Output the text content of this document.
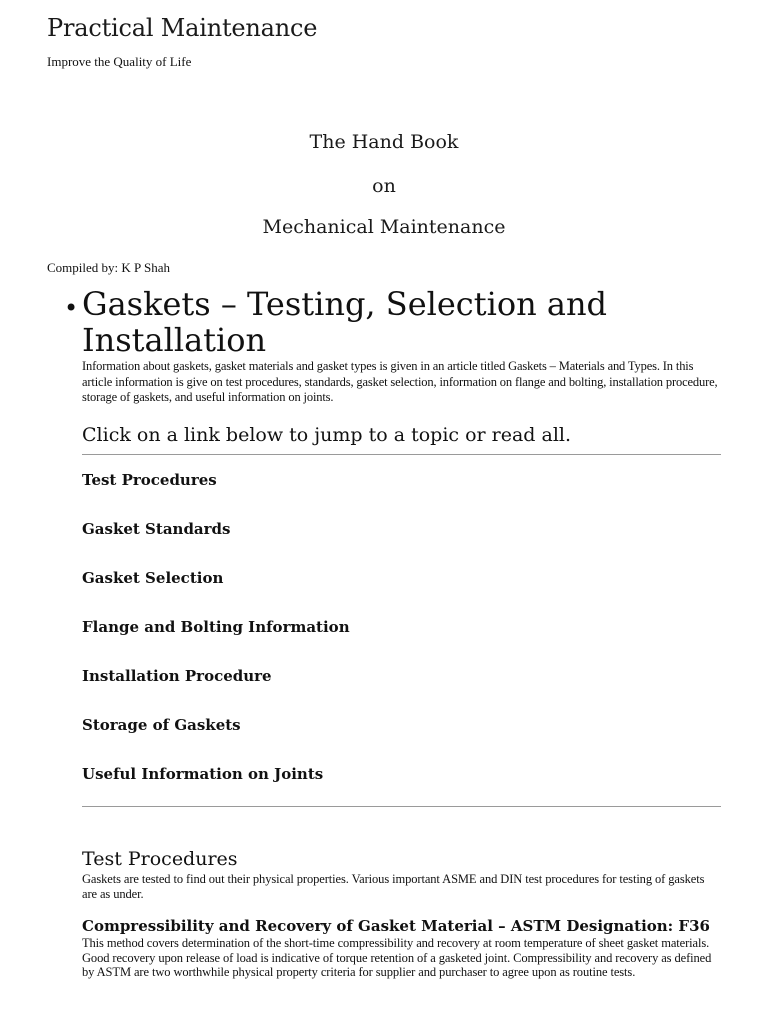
Practical Maintenance
Improve the Quality of Life
The Hand Book
on
Mechanical Maintenance
Compiled by: K P Shah
• Gaskets – Testing, Selection and Installation
Information about gaskets, gasket materials and gasket types is given in an article titled Gaskets – Materials and Types. In this article information is give on test procedures, standards, gasket selection, information on flange and bolting, installation procedure, storage of gaskets, and useful information on joints.
Click on a link below to jump to a topic or read all.
Test Procedures
Gasket Standards
Gasket Selection
Flange and Bolting Information
Installation Procedure
Storage of Gaskets
Useful Information on Joints
Test Procedures
Gaskets are tested to find out their physical properties. Various important ASME and DIN test procedures for testing of gaskets are as under.
Compressibility and Recovery of Gasket Material – ASTM Designation: F36
This method covers determination of the short-time compressibility and recovery at room temperature of sheet gasket materials. Good recovery upon release of load is indicative of torque retention of a gasketed joint. Compressibility and recovery as defined by ASTM are two worthwhile physical property criteria for supplier and purchaser to agree upon as routine tests.
